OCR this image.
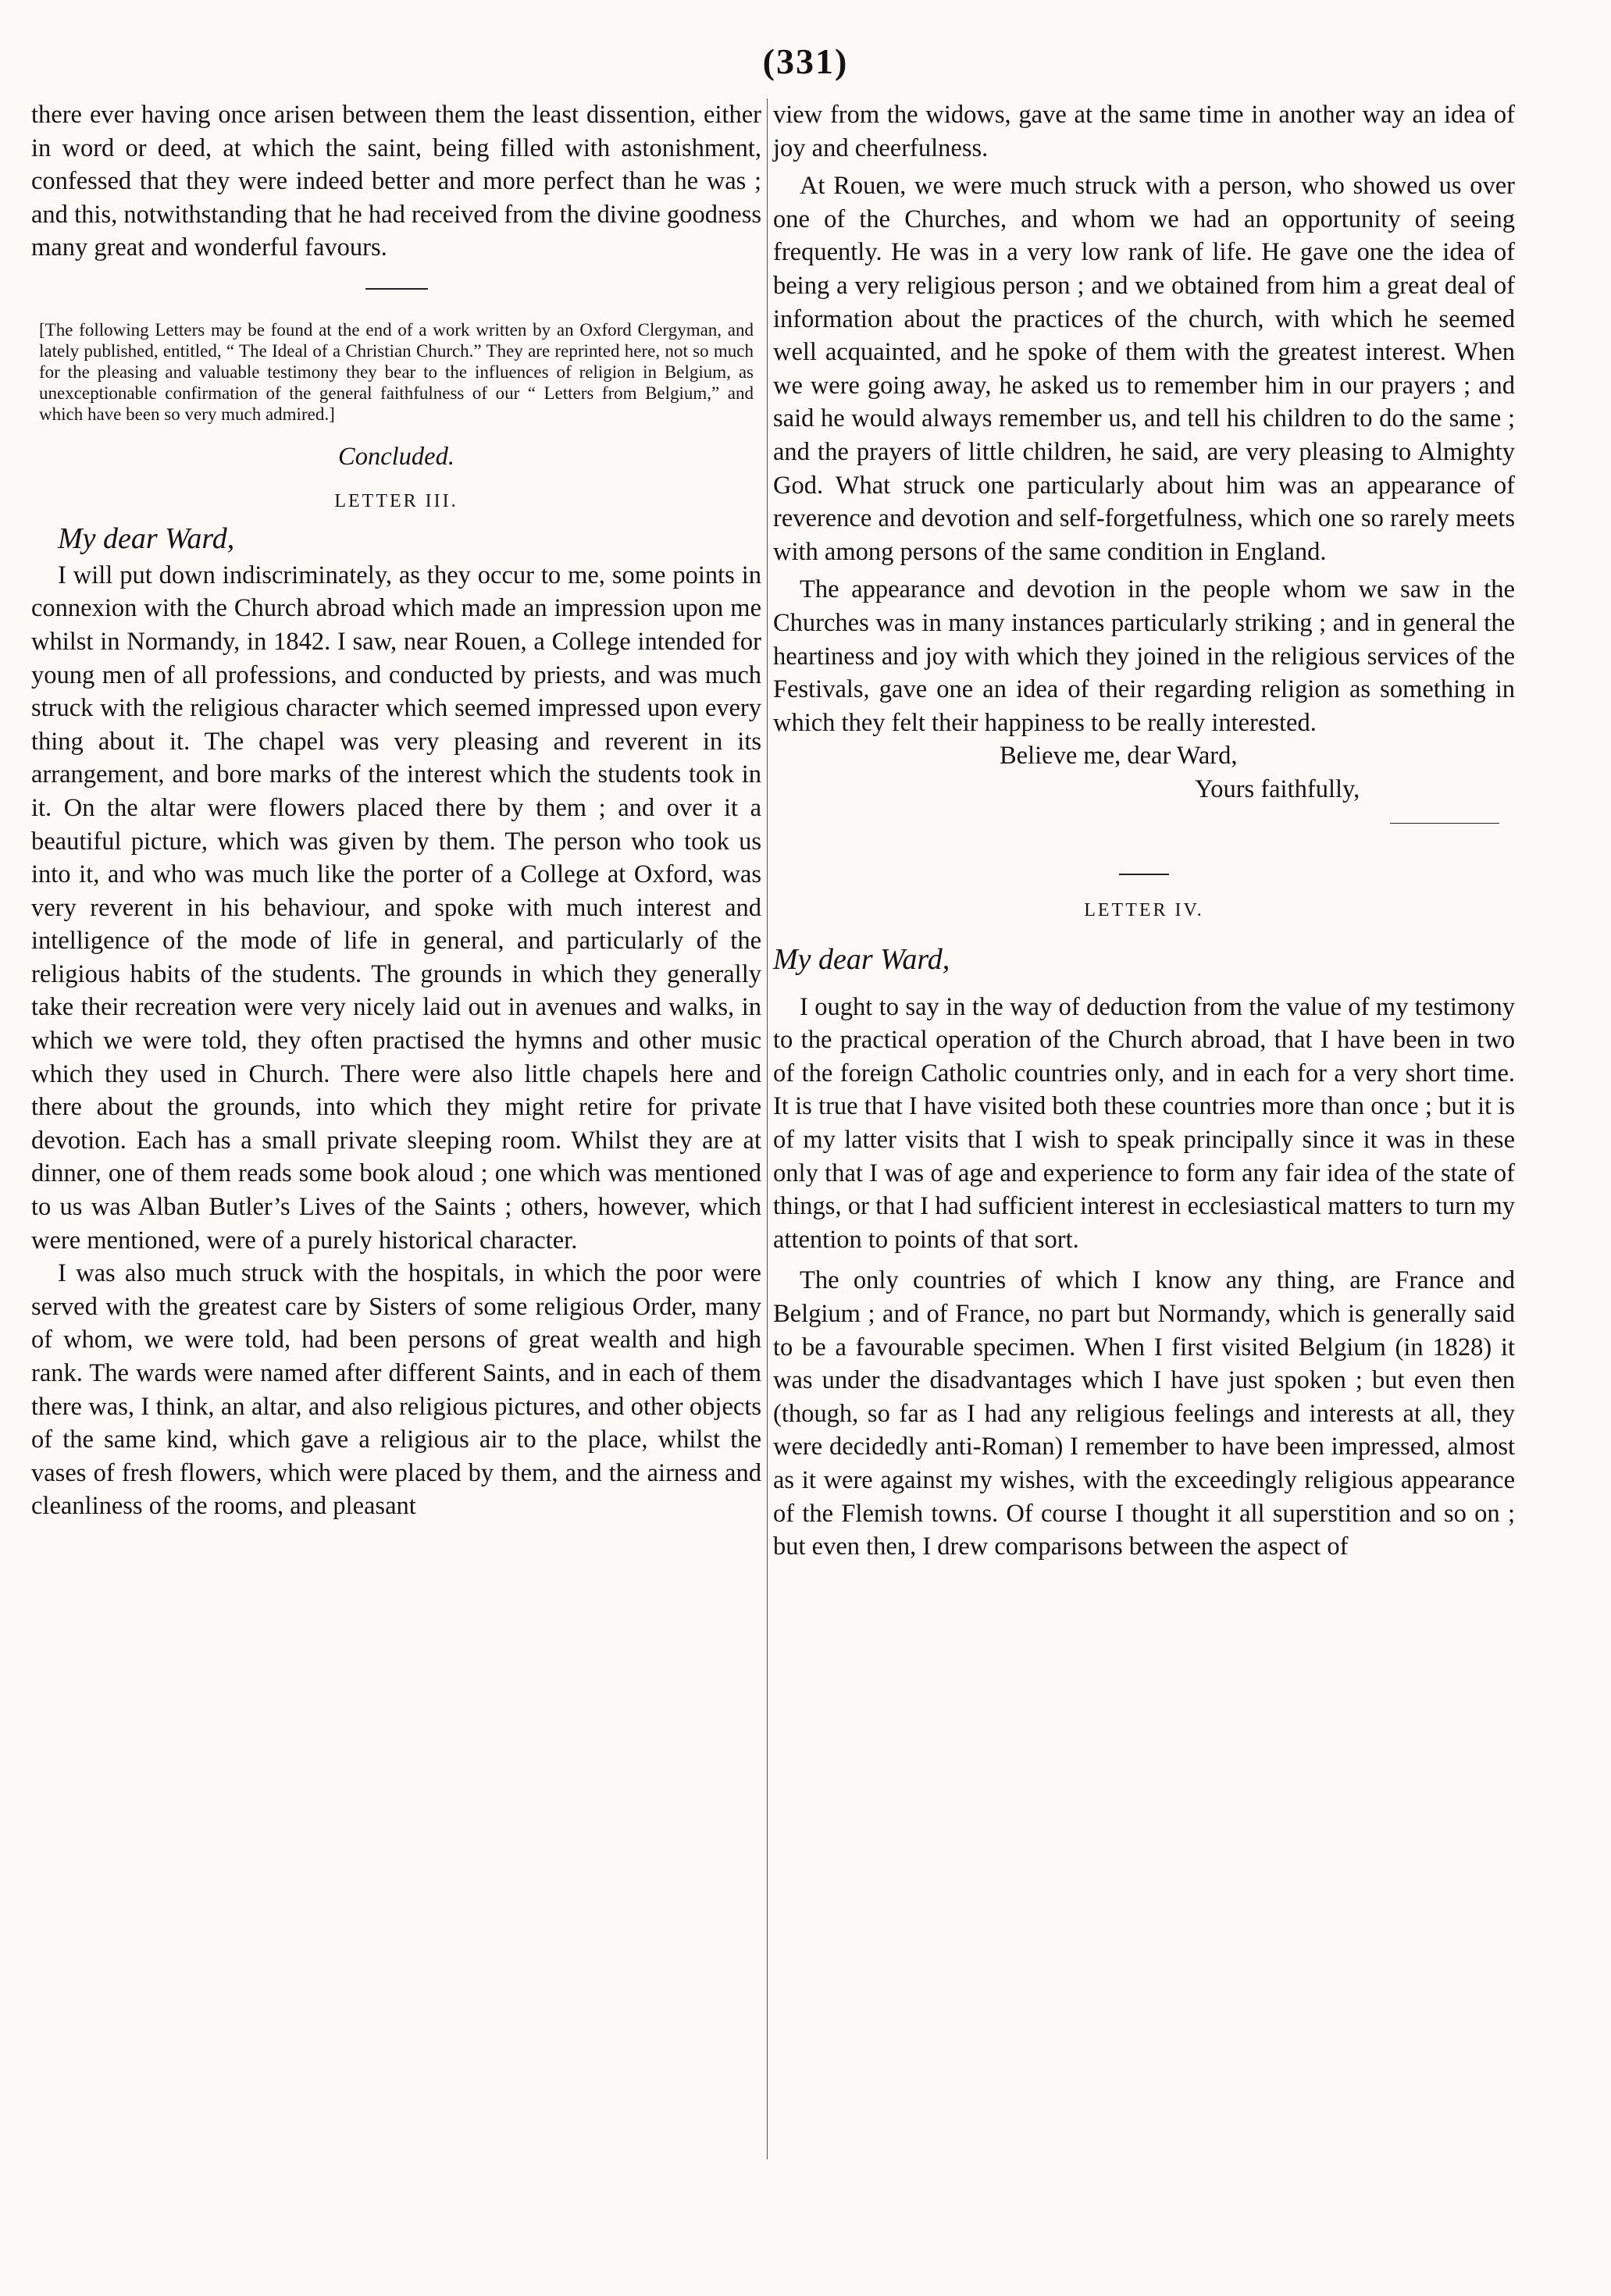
(331)

there ever having once arisen between them the least dissention, either in word or deed, at which the saint, being filled with astonishment, confessed that they were indeed better and more perfect than he was ; and this, notwithstanding that he had received from the divine goodness many great and wonderful favours.

[The following Letters may be found at the end of a work written by an Oxford Clergyman, and lately published, entitled, “ The Ideal of a Christian Church.” They are reprinted here, not so much for the pleasing and valuable testimony they bear to the influences of religion in Belgium, as unexceptionable confirmation of the general faithfulness of our “ Letters from Belgium,” and which have been so very much admired.]

Concluded.

LETTER III.

My dear Ward,

I will put down indiscriminately, as they occur to me, some points in connexion with the Church abroad which made an impression upon me whilst in Normandy, in 1842. I saw, near Rouen, a College intended for young men of all professions, and conducted by priests, and was much struck with the religious character which seemed impressed upon every thing about it. The chapel was very pleasing and reverent in its arrangement, and bore marks of the interest which the students took in it. On the altar were flowers placed there by them ; and over it a beautiful picture, which was given by them. The person who took us into it, and who was much like the porter of a College at Oxford, was very reverent in his behaviour, and spoke with much interest and intelligence of the mode of life in general, and particularly of the religious habits of the students. The grounds in which they generally take their recreation were very nicely laid out in avenues and walks, in which we were told, they often practised the hymns and other music which they used in Church. There were also little chapels here and there about the grounds, into which they might retire for private devotion. Each has a small private sleeping room. Whilst they are at dinner, one of them reads some book aloud ; one which was mentioned to us was Alban Butler’s Lives of the Saints ; others, however, which were mentioned, were of a purely historical character.

I was also much struck with the hospitals, in which the poor were served with the greatest care by Sisters of some religious Order, many of whom, we were told, had been persons of great wealth and high rank. The wards were named after different Saints, and in each of them there was, I think, an altar, and also religious pictures, and other objects of the same kind, which gave a religious air to the place, whilst the vases of fresh flowers, which were placed by them, and the airness and cleanliness of the rooms, and pleasant

view from the widows, gave at the same time in another way an idea of joy and cheerfulness.

At Rouen, we were much struck with a person, who showed us over one of the Churches, and whom we had an opportunity of seeing frequently. He was in a very low rank of life. He gave one the idea of being a very religious person ; and we obtained from him a great deal of information about the practices of the church, with which he seemed well acquainted, and he spoke of them with the greatest interest. When we were going away, he asked us to remember him in our prayers ; and said he would always remember us, and tell his children to do the same ; and the prayers of little children, he said, are very pleasing to Almighty God. What struck one particularly about him was an appearance of reverence and devotion and self-forgetfulness, which one so rarely meets with among persons of the same condition in England.

The appearance and devotion in the people whom we saw in the Churches was in many instances particularly striking ; and in general the heartiness and joy with which they joined in the religious services of the Festivals, gave one an idea of their regarding religion as something in which they felt their happiness to be really interested.

Believe me, dear Ward,

Yours faithfully,

LETTER IV.

My dear Ward,

I ought to say in the way of deduction from the value of my testimony to the practical operation of the Church abroad, that I have been in two of the foreign Catholic countries only, and in each for a very short time. It is true that I have visited both these countries more than once ; but it is of my latter visits that I wish to speak principally since it was in these only that I was of age and experience to form any fair idea of the state of things, or that I had sufficient interest in ecclesiastical matters to turn my attention to points of that sort.

The only countries of which I know any thing, are France and Belgium ; and of France, no part but Normandy, which is generally said to be a favourable specimen. When I first visited Belgium (in 1828) it was under the disadvantages which I have just spoken ; but even then (though, so far as I had any religious feelings and interests at all, they were decidedly anti-Roman) I remember to have been impressed, almost as it were against my wishes, with the exceedingly religious appearance of the Flemish towns. Of course I thought it all superstition and so on ; but even then, I drew comparisons between the aspect of
